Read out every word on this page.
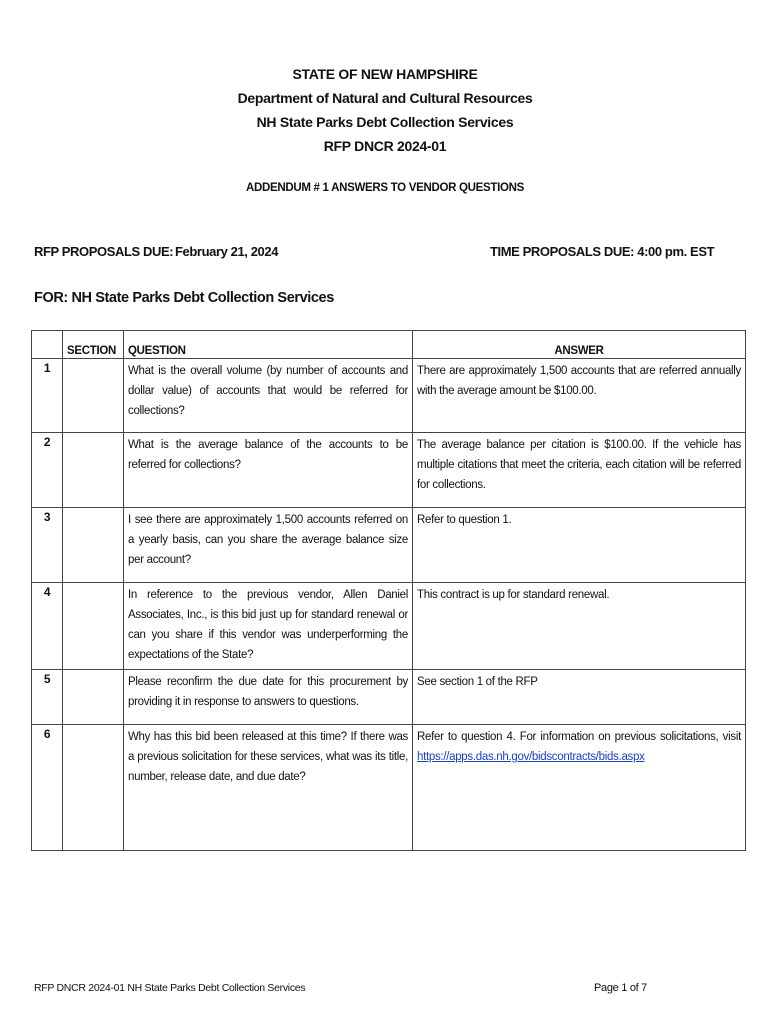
STATE OF NEW HAMPSHIRE
Department of Natural and Cultural Resources
NH State Parks Debt Collection Services
RFP DNCR 2024-01
ADDENDUM # 1 ANSWERS TO VENDOR QUESTIONS
RFP PROPOSALS DUE: February 21, 2024	TIME PROPOSALS DUE: 4:00 pm. EST
FOR: NH State Parks Debt Collection Services
	SECTION	QUESTION	ANSWER
1		What is the overall volume (by number of accounts and dollar value) of accounts that would be referred for collections?	There are approximately 1,500 accounts that are referred annually with the average amount be $100.00.
2		What is the average balance of the accounts to be referred for collections?	The average balance per citation is $100.00. If the vehicle has multiple citations that meet the criteria, each citation will be referred for collections.
3		I see there are approximately 1,500 accounts referred on a yearly basis, can you share the average balance size per account?	Refer to question 1.
4		In reference to the previous vendor, Allen Daniel Associates, Inc., is this bid just up for standard renewal or can you share if this vendor was underperforming the expectations of the State?	This contract is up for standard renewal.
5		Please reconfirm the due date for this procurement by providing it in response to answers to questions.	See section 1 of the RFP
6		Why has this bid been released at this time? If there was a previous solicitation for these services, what was its title, number, release date, and due date?	Refer to question 4. For information on previous solicitations, visit https://apps.das.nh.gov/bidscontracts/bids.aspx
RFP DNCR 2024-01 NH State Parks Debt Collection Services	Page 1 of 7
